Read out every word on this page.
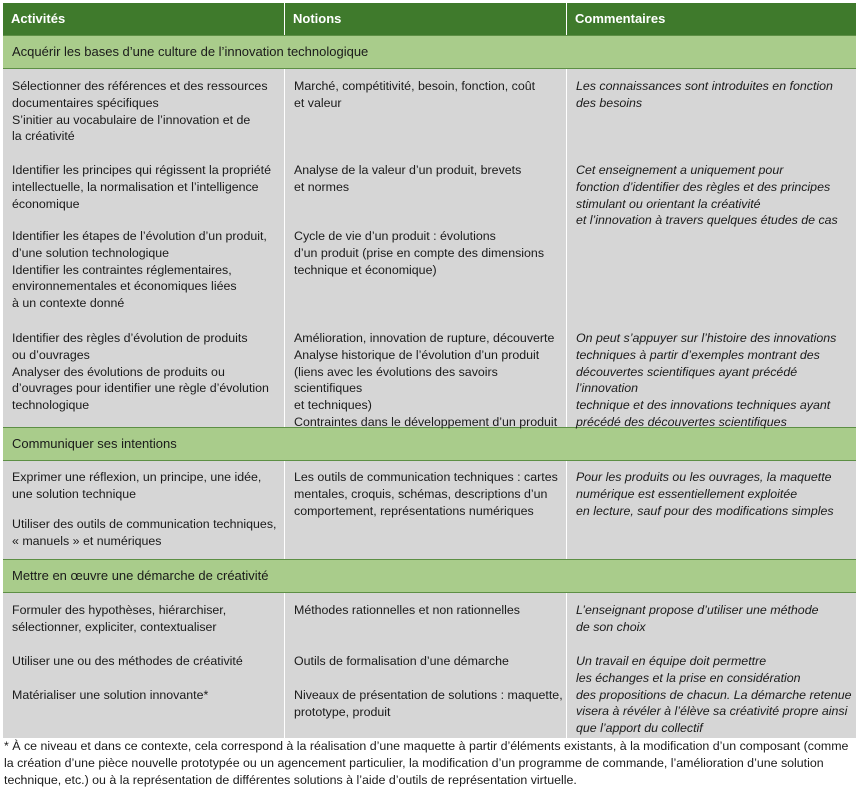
Activités	Notions	Commentaires
Acquérir les bases d’une culture de l’innovation technologique

Sélectionner des références et des ressources
documentaires spécifiques
S’initier au vocabulaire de l’innovation et de
la créativité

Identifier les principes qui régissent la propriété
intellectuelle, la normalisation et l’intelligence
économique

Identifier les étapes de l’évolution d’un produit,
d’une solution technologique
Identifier les contraintes réglementaires,
environnementales et économiques liées
à un contexte donné

Identifier des règles d’évolution de produits
ou d’ouvrages
Analyser des évolutions de produits ou
d’ouvrages pour identifier une règle d’évolution
technologique

Marché, compétitivité, besoin, fonction, coût
et valeur

Analyse de la valeur d’un produit, brevets
et normes

Cycle de vie d’un produit : évolutions
d’un produit (prise en compte des dimensions
technique et économique)

Amélioration, innovation de rupture, découverte
Analyse historique de l’évolution d’un produit
(liens avec les évolutions des savoirs scientifiques
et techniques)
Contraintes dans le développement d’un produit

Les connaissances sont introduites en fonction
des besoins

Cet enseignement a uniquement pour
fonction d’identifier des règles et des principes
stimulant ou orientant la créativité
et l’innovation à travers quelques études de cas

On peut s’appuyer sur l’histoire des innovations
techniques à partir d’exemples montrant des
découvertes scientifiques ayant précédé l’innovation
technique et des innovations techniques ayant
précédé des découvertes scientifiques

Communiquer ses intentions

Exprimer une réflexion, un principe, une idée,
une solution technique

Utiliser des outils de communication techniques,
« manuels » et numériques

Les outils de communication techniques : cartes
mentales, croquis, schémas, descriptions d’un
comportement, représentations numériques

Pour les produits ou les ouvrages, la maquette
numérique est essentiellement exploitée
en lecture, sauf pour des modifications simples

Mettre en œuvre une démarche de créativité

Formuler des hypothèses, hiérarchiser,
sélectionner, expliciter, contextualiser

Utiliser une ou des méthodes de créativité

Matérialiser une solution innovante*

Méthodes rationnelles et non rationnelles

Outils de formalisation d’une démarche

Niveaux de présentation de solutions : maquette,
prototype, produit

L’enseignant propose d’utiliser une méthode
de son choix

Un travail en équipe doit permettre
les échanges et la prise en considération
des propositions de chacun. La démarche retenue
visera à révéler à l’élève sa créativité propre ainsi
que l’apport du collectif

* À ce niveau et dans ce contexte, cela correspond à la réalisation d’une maquette à partir d’éléments existants, à la modification d’un composant (comme la création d’une pièce nouvelle prototypée ou un agencement particulier, la modification d’un programme de commande, l’amélioration d’une solution technique, etc.) ou à la représentation de différentes solutions à l’aide d’outils de représentation virtuelle.
